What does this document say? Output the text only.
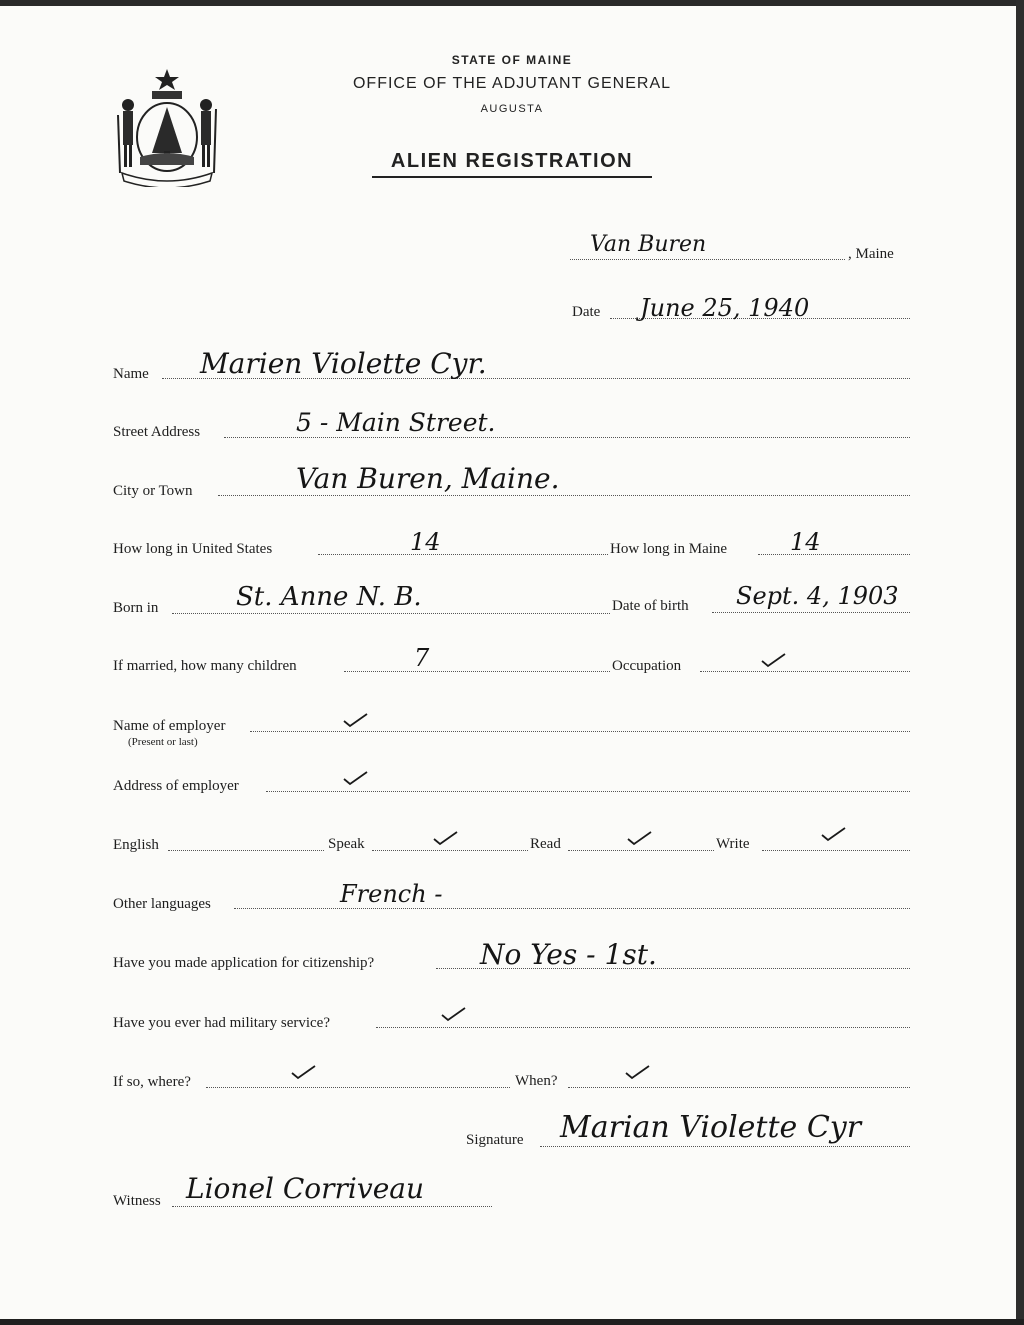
STATE OF MAINE
OFFICE OF THE ADJUTANT GENERAL
AUGUSTA
ALIEN REGISTRATION
Van Buren	, Maine
Date June 25, 1940
Name Marien Violette Cyr.
Street Address	5 - Main Street.
City or Town	Van Buren, Maine.
How long in United States	14	How long in Maine	14
Born in	St. Anne N. B.	Date of birth Sept. 4, 1903
If married, how many children	7	Occupation
Name of employer
(Present or last)
Address of employer
English	Speak	Read	Write
Other languages	French -
Have you made application for citizenship?	No Yes - 1st.
Have you ever had military service?
If so, where?	When?
Signature Marian Violette Cyr
Witness Lionel Corriveau
